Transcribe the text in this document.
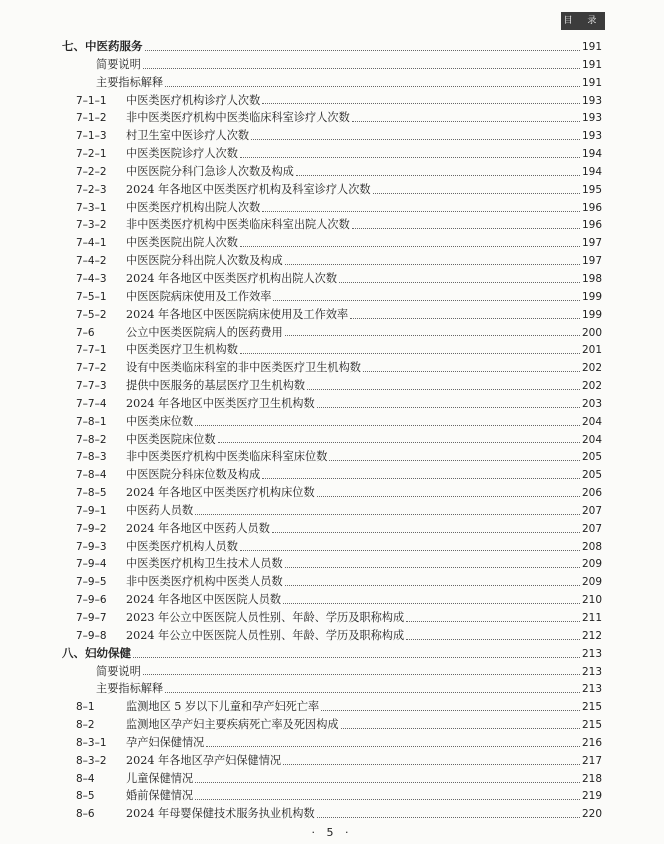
目 录
七、中医药服务	191
简要说明	191
主要指标解释	191
7–1–1	中医类医疗机构诊疗人次数	193
7–1–2	非中医类医疗机构中医类临床科室诊疗人次数	193
7–1–3	村卫生室中医诊疗人次数	193
7–2–1	中医类医院诊疗人次数	194
7–2–2	中医医院分科门急诊人次数及构成	194
7–2–3	2024 年各地区中医类医疗机构及科室诊疗人次数	195
7–3–1	中医类医疗机构出院人次数	196
7–3–2	非中医类医疗机构中医类临床科室出院人次数	196
7–4–1	中医类医院出院人次数	197
7–4–2	中医医院分科出院人次数及构成	197
7–4–3	2024 年各地区中医类医疗机构出院人次数	198
7–5–1	中医医院病床使用及工作效率	199
7–5–2	2024 年各地区中医医院病床使用及工作效率	199
7–6	公立中医类医院病人的医药费用	200
7–7–1	中医类医疗卫生机构数	201
7–7–2	设有中医类临床科室的非中医类医疗卫生机构数	202
7–7–3	提供中医服务的基层医疗卫生机构数	202
7–7–4	2024 年各地区中医类医疗卫生机构数	203
7–8–1	中医类床位数	204
7–8–2	中医类医院床位数	204
7–8–3	非中医类医疗机构中医类临床科室床位数	205
7–8–4	中医医院分科床位数及构成	205
7–8–5	2024 年各地区中医类医疗机构床位数	206
7–9–1	中医药人员数	207
7–9–2	2024 年各地区中医药人员数	207
7–9–3	中医类医疗机构人员数	208
7–9–4	中医类医疗机构卫生技术人员数	209
7–9–5	非中医类医疗机构中医类人员数	209
7–9–6	2024 年各地区中医医院人员数	210
7–9–7	2023 年公立中医医院人员性别、年龄、学历及职称构成	211
7–9–8	2024 年公立中医医院人员性别、年龄、学历及职称构成	212
八、妇幼保健	213
简要说明	213
主要指标解释	213
8–1	监测地区 5 岁以下儿童和孕产妇死亡率	215
8–2	监测地区孕产妇主要疾病死亡率及死因构成	215
8–3–1	孕产妇保健情况	216
8–3–2	2024 年各地区孕产妇保健情况	217
8–4	儿童保健情况	218
8–5	婚前保健情况	219
8–6	2024 年母婴保健技术服务执业机构数	220
· 5 ·
